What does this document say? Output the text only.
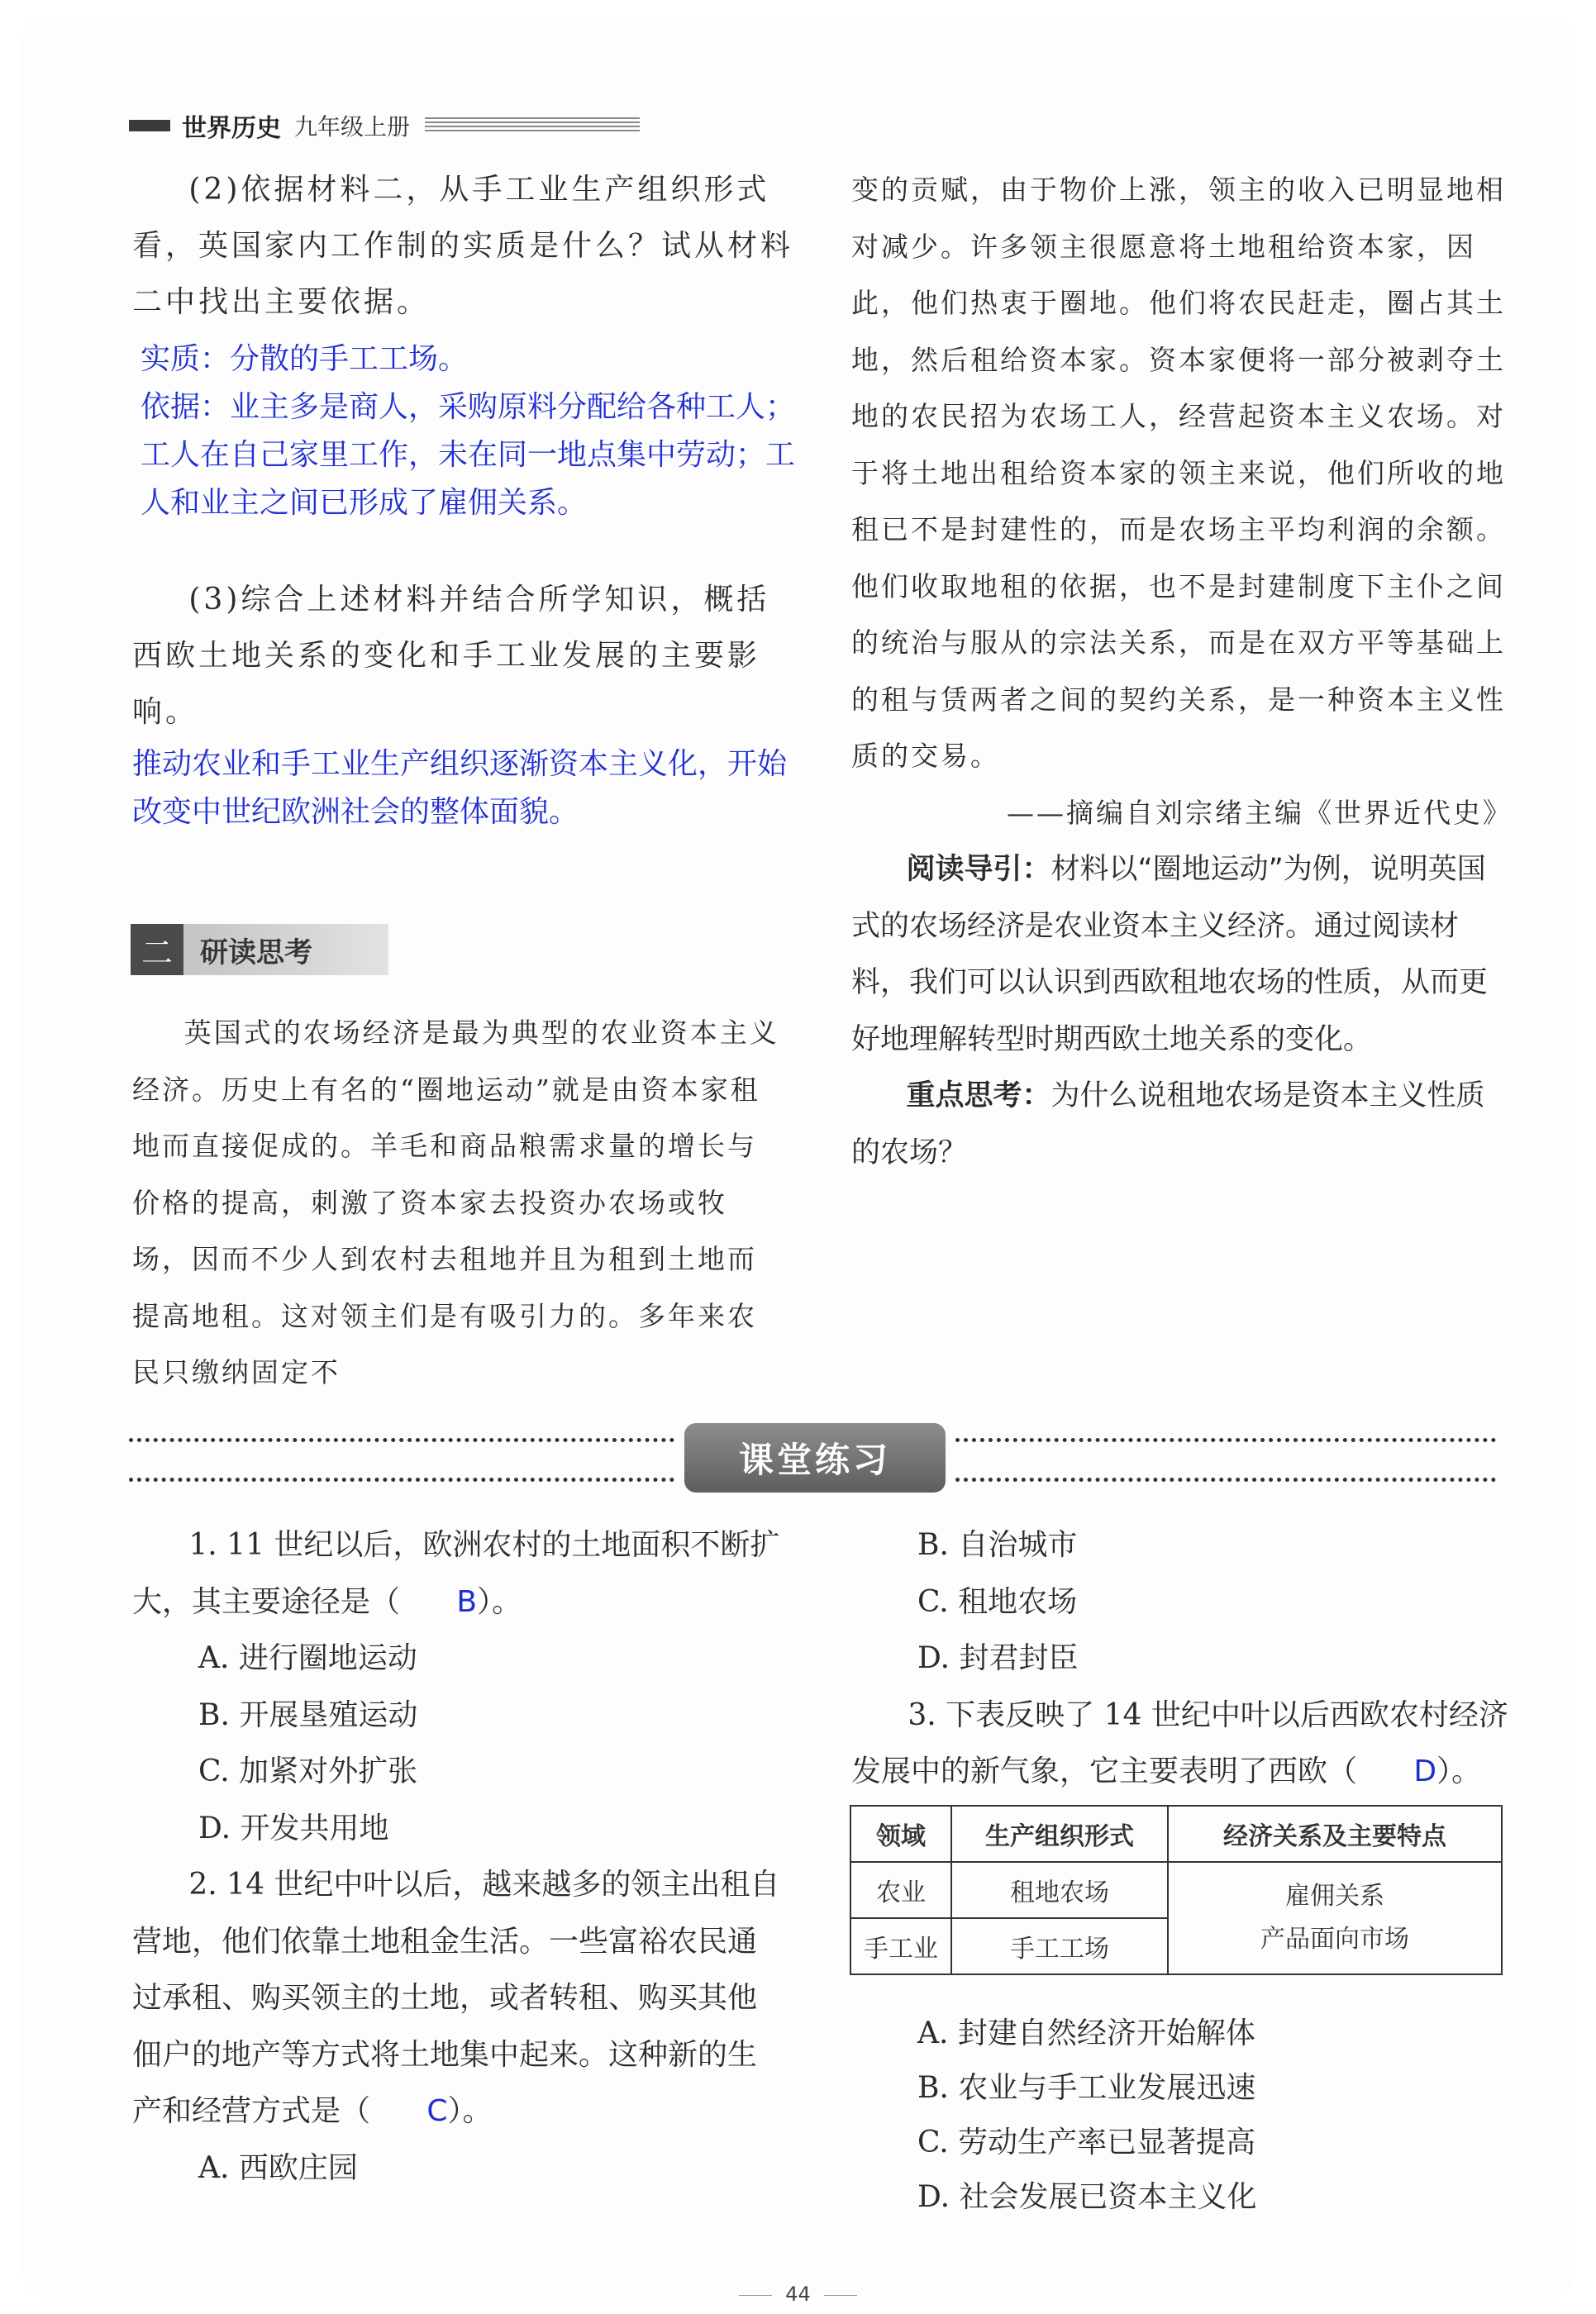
世界历史 九年级上册

(2)依据材料二，从手工业生产组织形式看，英国家内工作制的实质是什么？试从材料二中找出主要依据。

实质：分散的手工工场。

依据：业主多是商人，采购原料分配给各种工人；工人在自己家里工作，未在同一地点集中劳动；工人和业主之间已形成了雇佣关系。

(3)综合上述材料并结合所学知识，概括西欧土地关系的变化和手工业发展的主要影响。

推动农业和手工业生产组织逐渐资本主义化，开始改变中世纪欧洲社会的整体面貌。

二 研读思考

英国式的农场经济是最为典型的农业资本主义经济。历史上有名的“圈地运动”就是由资本家租地而直接促成的。羊毛和商品粮需求量的增长与价格的提高，刺激了资本家去投资办农场或牧场，因而不少人到农村去租地并且为租到土地而提高地租。这对领主们是有吸引力的。多年来农民只缴纳固定不

变的贡赋，由于物价上涨，领主的收入已明显地相对减少。许多领主很愿意将土地租给资本家，因此，他们热衷于圈地。他们将农民赶走，圈占其土地，然后租给资本家。资本家便将一部分被剥夺土地的农民招为农场工人，经营起资本主义农场。对于将土地出租给资本家的领主来说，他们所收的地租已不是封建性的，而是农场主平均利润的余额。他们收取地租的依据，也不是封建制度下主仆之间的统治与服从的宗法关系，而是在双方平等基础上的租与赁两者之间的契约关系，是一种资本主义性质的交易。

——摘编自刘宗绪主编《世界近代史》

阅读导引：材料以“圈地运动”为例，说明英国式的农场经济是农业资本主义经济。通过阅读材料，我们可以认识到西欧租地农场的性质，从而更好地理解转型时期西欧土地关系的变化。

重点思考：为什么说租地农场是资本主义性质的农场？

课堂练习

1. 11 世纪以后，欧洲农村的土地面积不断扩大，其主要途径是（ B）。

A. 进行圈地运动

B. 开展垦殖运动

C. 加紧对外扩张

D. 开发共用地

2. 14 世纪中叶以后，越来越多的领主出租自营地，他们依靠土地租金生活。一些富裕农民通过承租、购买领主的土地，或者转租、购买其他佃户的地产等方式将土地集中起来。这种新的生产和经营方式是（ C）。

A. 西欧庄园

B. 自治城市

C. 租地农场

D. 封君封臣

3. 下表反映了 14 世纪中叶以后西欧农村经济发展中的新气象，它主要表明了西欧（ D）。

领域	生产组织形式	经济关系及主要特点
农业	租地农场	雇佣关系
产品面向市场

手工业	手工工场	

A. 封建自然经济开始解体

B. 农业与手工业发展迅速

C. 劳动生产率已显著提高

D. 社会发展已资本主义化

44
